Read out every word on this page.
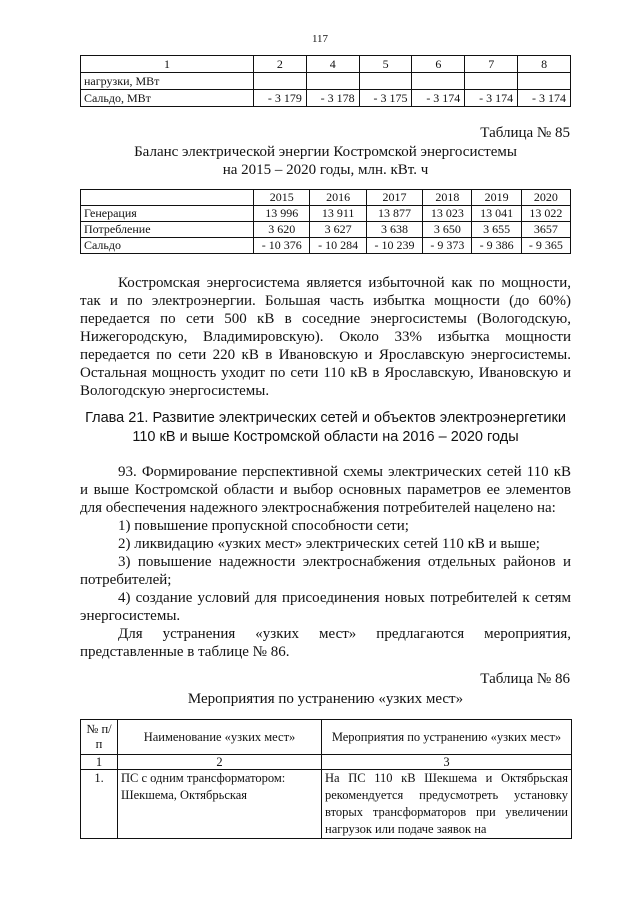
117
1	2	4	5	6	7	8
нагрузки, МВт						
Сальдо, МВт	- 3 179	- 3 178	- 3 175	- 3 174	- 3 174	- 3 174
Таблица № 85
Баланс электрической энергии Костромской энергосистемы
на 2015 – 2020 годы, млн. кВт. ч
	2015	2016	2017	2018	2019	2020
Генерация	13 996	13 911	13 877	13 023	13 041	13 022
Потребление	3 620	3 627	3 638	3 650	3 655	3657
Сальдо	- 10 376	- 10 284	- 10 239	- 9 373	- 9 386	- 9 365

Костромская энергосистема является избыточной как по мощности, так и по электроэнергии. Большая часть избытка мощности (до 60%) передается по сети 500 кВ в соседние энергосистемы (Вологодскую, Нижегородскую, Владимировскую). Около 33% избытка мощности передается по сети 220 кВ в Ивановскую и Ярославскую энергосистемы. Остальная мощность уходит по сети 110 кВ в Ярославскую, Ивановскую и Вологодскую энергосистемы.

Глава 21. Развитие электрических сетей и объектов электроэнергетики
110 кВ и выше Костромской области на 2016 – 2020 годы

93. Формирование перспективной схемы электрических сетей 110 кВ и выше Костромской области и выбор основных параметров ее элементов для обеспечения надежного электроснабжения потребителей нацелено на:

1) повышение пропускной способности сети;

2) ликвидацию «узких мест» электрических сетей 110 кВ и выше;

3) повышение надежности электроснабжения отдельных районов и потребителей;

4) создание условий для присоединения новых потребителей к сетям энергосистемы.

Для устранения «узких мест» предлагаются мероприятия, представленные в таблице № 86.

Таблица № 86
Мероприятия по устранению «узких мест»
№ п/п	Наименование «узких мест»	Мероприятия по устранению «узких мест»
1	2	3
1.	ПС с одним трансформатором: Шекшема, Октябрьская	На ПС 110 кВ Шекшема и Октябрьская рекомендуется предусмотреть установку вторых трансформаторов при увеличении нагрузок или подаче заявок на
